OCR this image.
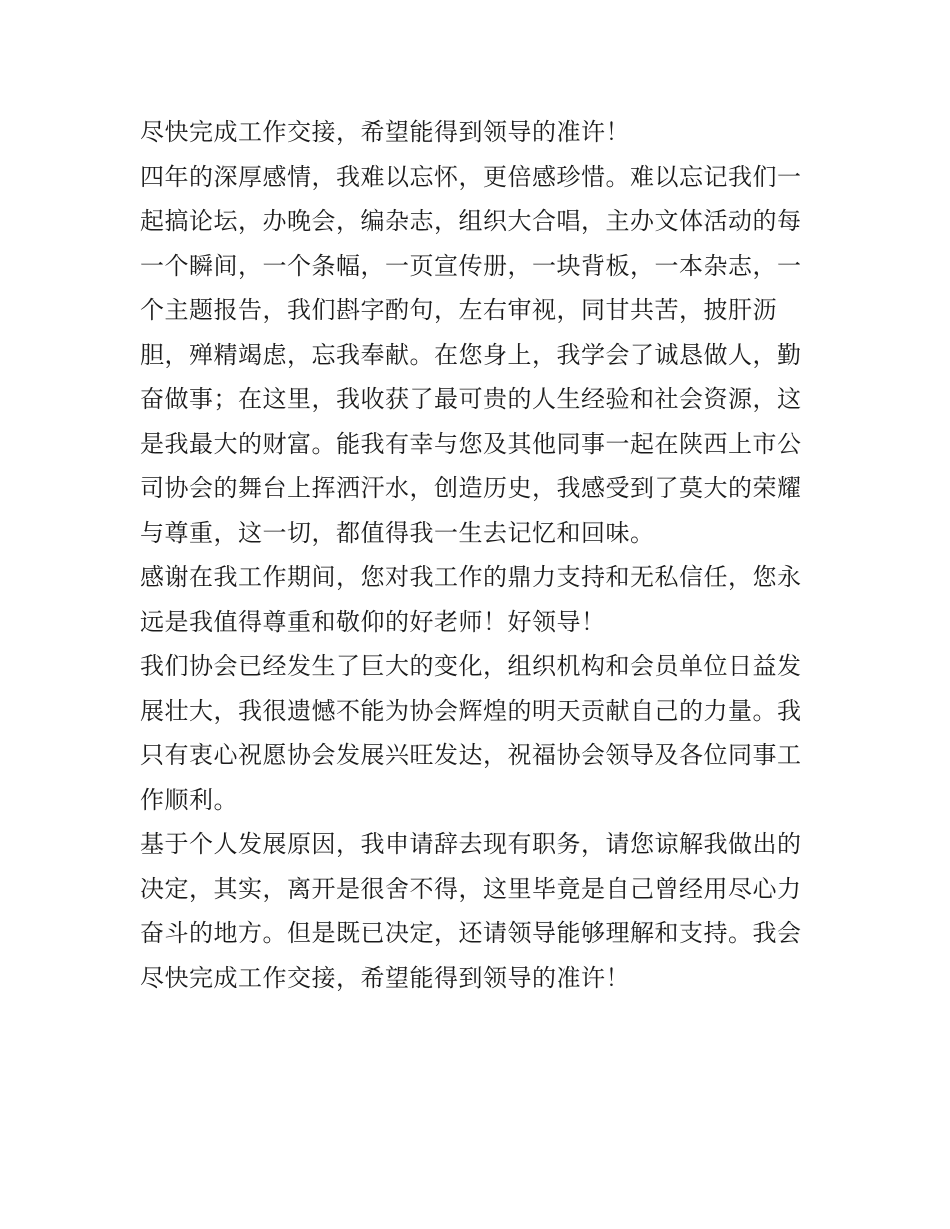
尽快完成工作交接，希望能得到领导的准许！
四年的深厚感情，我难以忘怀，更倍感珍惜。难以忘记我们一
起搞论坛，办晚会，编杂志，组织大合唱，主办文体活动的每
一个瞬间，一个条幅，一页宣传册，一块背板，一本杂志，一
个主题报告，我们斟字酌句，左右审视，同甘共苦，披肝沥
胆，殚精竭虑，忘我奉献。在您身上，我学会了诚恳做人，勤
奋做事；在这里，我收获了最可贵的人生经验和社会资源，这
是我最大的财富。能我有幸与您及其他同事一起在陕西上市公
司协会的舞台上挥洒汗水，创造历史，我感受到了莫大的荣耀
与尊重，这一切，都值得我一生去记忆和回味。
感谢在我工作期间，您对我工作的鼎力支持和无私信任，您永
远是我值得尊重和敬仰的好老师！好领导！
我们协会已经发生了巨大的变化，组织机构和会员单位日益发
展壮大，我很遗憾不能为协会辉煌的明天贡献自己的力量。我
只有衷心祝愿协会发展兴旺发达，祝福协会领导及各位同事工
作顺利。
基于个人发展原因，我申请辞去现有职务，请您谅解我做出的
决定，其实，离开是很舍不得，这里毕竟是自己曾经用尽心力
奋斗的地方。但是既已决定，还请领导能够理解和支持。我会
尽快完成工作交接，希望能得到领导的准许！
